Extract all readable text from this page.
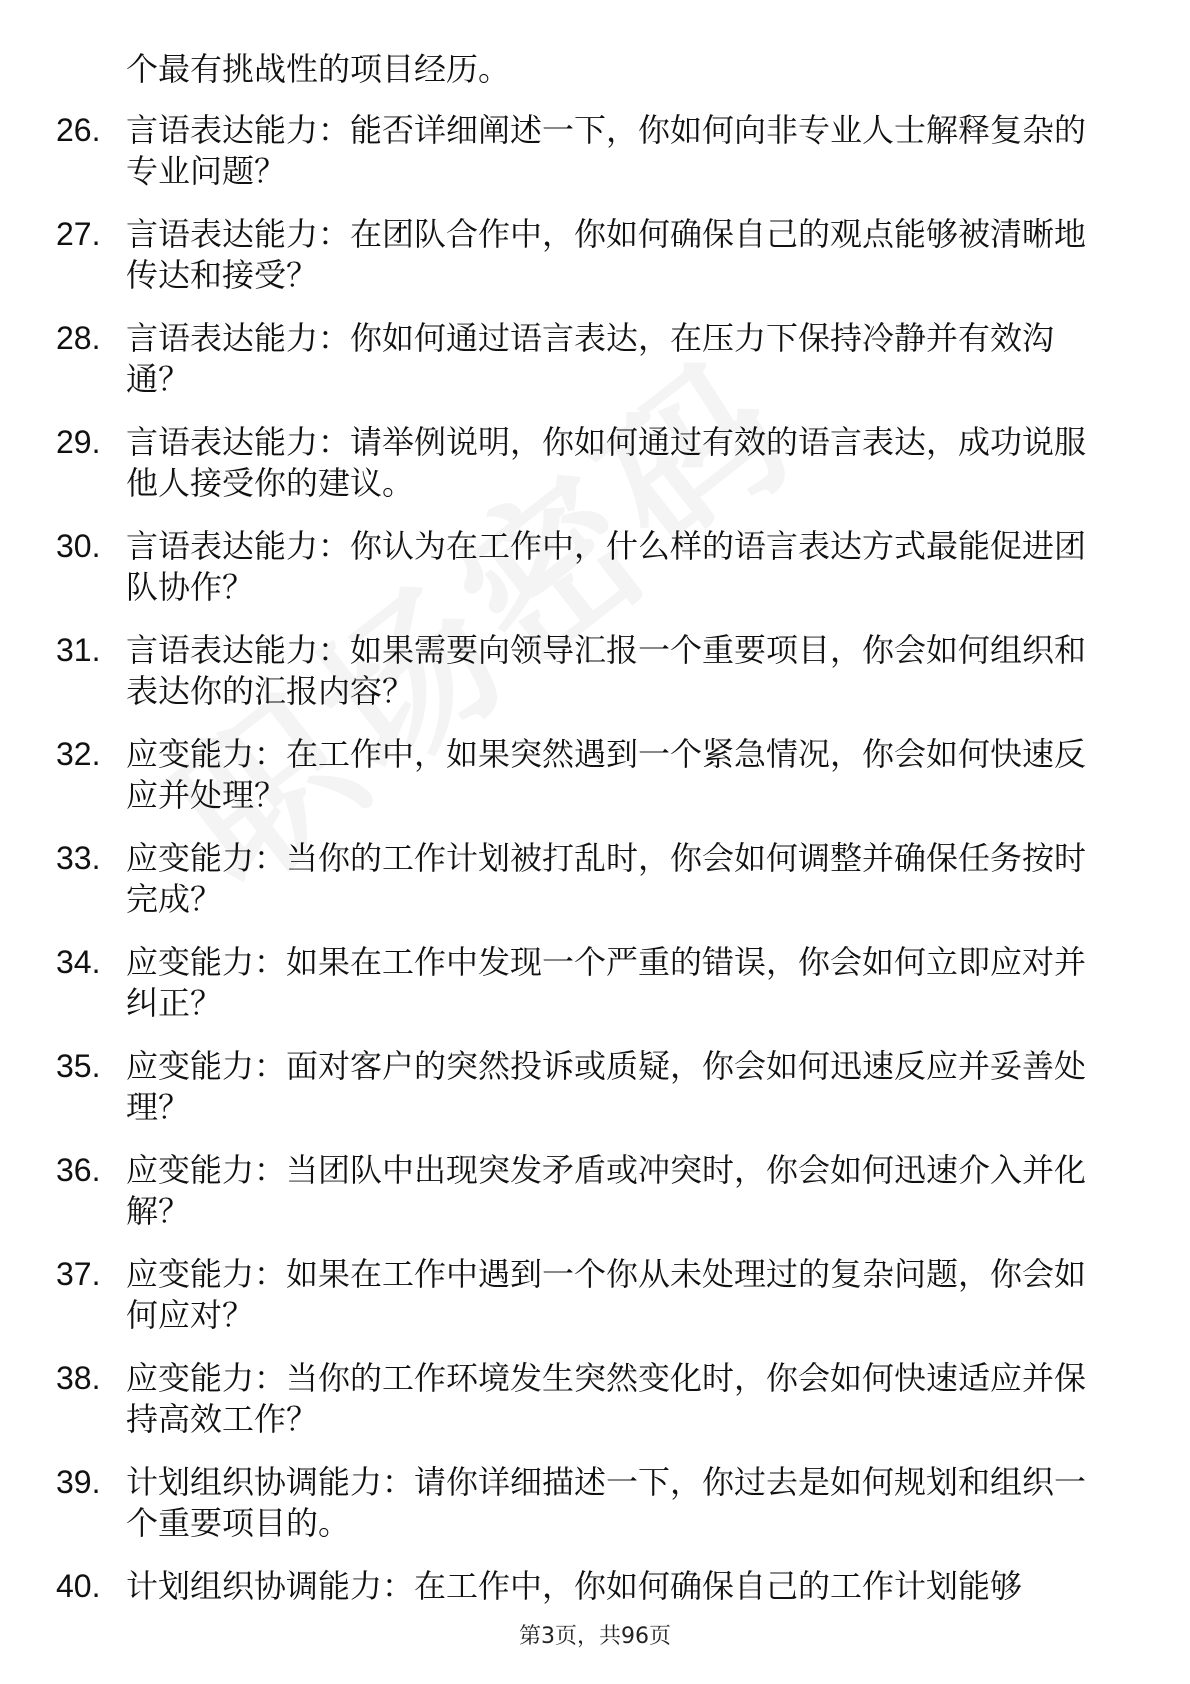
个最有挑战性的项目经历。
26. 言语表达能力：能否详细阐述一下，你如何向非专业人士解释复杂的专业问题？
27. 言语表达能力：在团队合作中，你如何确保自己的观点能够被清晰地传达和接受？
28. 言语表达能力：你如何通过语言表达，在压力下保持冷静并有效沟通？
29. 言语表达能力：请举例说明，你如何通过有效的语言表达，成功说服他人接受你的建议。
30. 言语表达能力：你认为在工作中，什么样的语言表达方式最能促进团队协作？
31. 言语表达能力：如果需要向领导汇报一个重要项目，你会如何组织和表达你的汇报内容？
32. 应变能力：在工作中，如果突然遇到一个紧急情况，你会如何快速反应并处理？
33. 应变能力：当你的工作计划被打乱时，你会如何调整并确保任务按时完成？
34. 应变能力：如果在工作中发现一个严重的错误，你会如何立即应对并纠正？
35. 应变能力：面对客户的突然投诉或质疑，你会如何迅速反应并妥善处理？
36. 应变能力：当团队中出现突发矛盾或冲突时，你会如何迅速介入并化解？
37. 应变能力：如果在工作中遇到一个你从未处理过的复杂问题，你会如何应对？
38. 应变能力：当你的工作环境发生突然变化时，你会如何快速适应并保持高效工作？
39. 计划组织协调能力：请你详细描述一下，你过去是如何规划和组织一个重要项目的。
40. 计划组织协调能力：在工作中，你如何确保自己的工作计划能够
第3页，共96页
